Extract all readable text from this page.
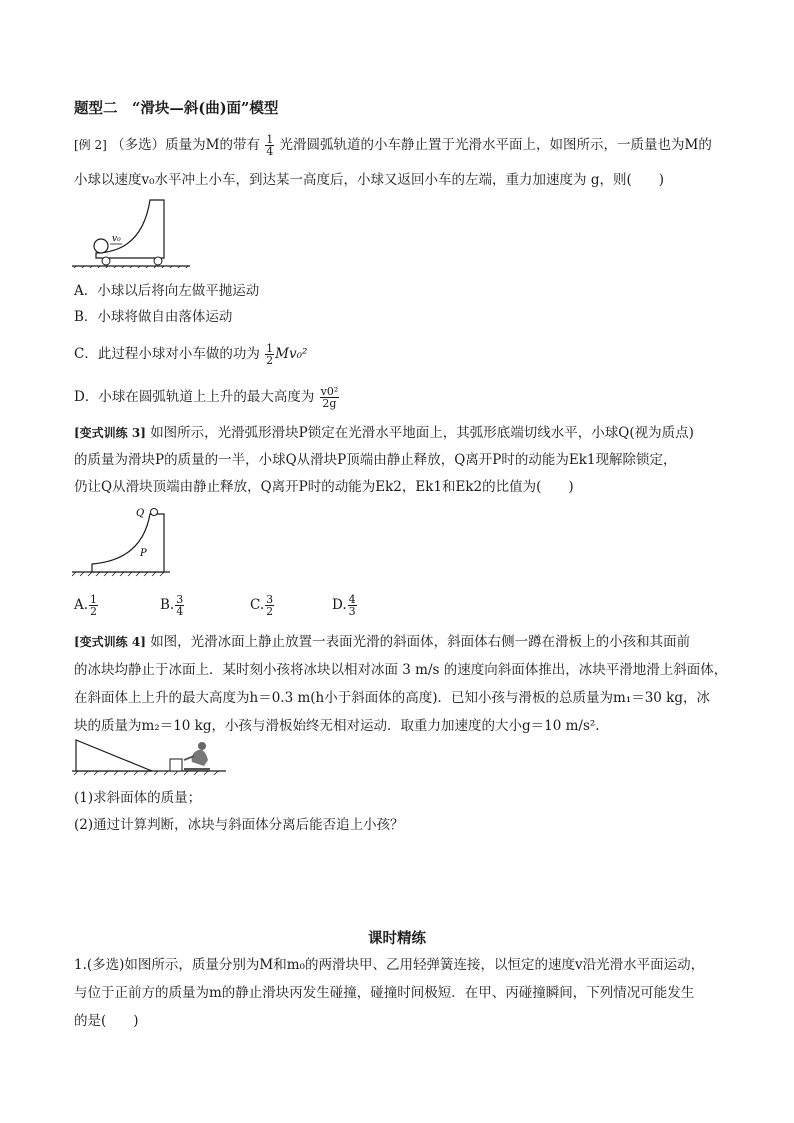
题型二　“滑块—斜(曲)面”模型
[例 2] （多选）质量为M的带有 $\frac{1}{4}$ 光滑圆弧轨道的小车静止置于光滑水平面上，如图所示，一质量也为M的
小球以速度v₀水平冲上小车，到达某一高度后，小球又返回小车的左端，重力加速度为 g，则(　　)
v₀
A．小球以后将向左做平抛运动
B．小球将做自由落体运动
C．此过程小球对小车做的功为 $\frac{1}{2} Mv_0^2$
D．小球在圆弧轨道上上升的最大高度为 $\frac{\text{v0²}}{2g}$
[变式训练 3] 如图所示，光滑弧形滑块P锁定在光滑水平地面上，其弧形底端切线水平，小球Q(视为质点)
的质量为滑块P的质量的一半，小球Q从滑块P顶端由静止释放，Q离开P时的动能为Ek1现解除锁定，
仍让Q从滑块顶端由静止释放，Q离开P时的动能为Ek2，Ek1和Ek2的比值为(　　)
Q
P
A. $\frac{1}{2}$	B. $\frac{3}{4}$	C. $\frac{3}{2}$	D. $\frac{4}{3}$
[变式训练 4] 如图，光滑冰面上静止放置一表面光滑的斜面体，斜面体右侧一蹲在滑板上的小孩和其面前
的冰块均静止于冰面上．某时刻小孩将冰块以相对冰面 3 m/s 的速度向斜面体推出，冰块平滑地滑上斜面体，
在斜面体上上升的最大高度为h＝0.3 m(h小于斜面体的高度)．已知小孩与滑板的总质量为m₁＝30 kg，冰
块的质量为m₂＝10 kg，小孩与滑板始终无相对运动．取重力加速度的大小g＝10 m/s².
(1)求斜面体的质量；
(2)通过计算判断，冰块与斜面体分离后能否追上小孩？
课时精练
1.(多选)如图所示，质量分别为M和m₀的两滑块甲、乙用轻弹簧连接，以恒定的速度v沿光滑水平面运动，
与位于正前方的质量为m的静止滑块丙发生碰撞，碰撞时间极短．在甲、丙碰撞瞬间，下列情况可能发生
的是(　　)
